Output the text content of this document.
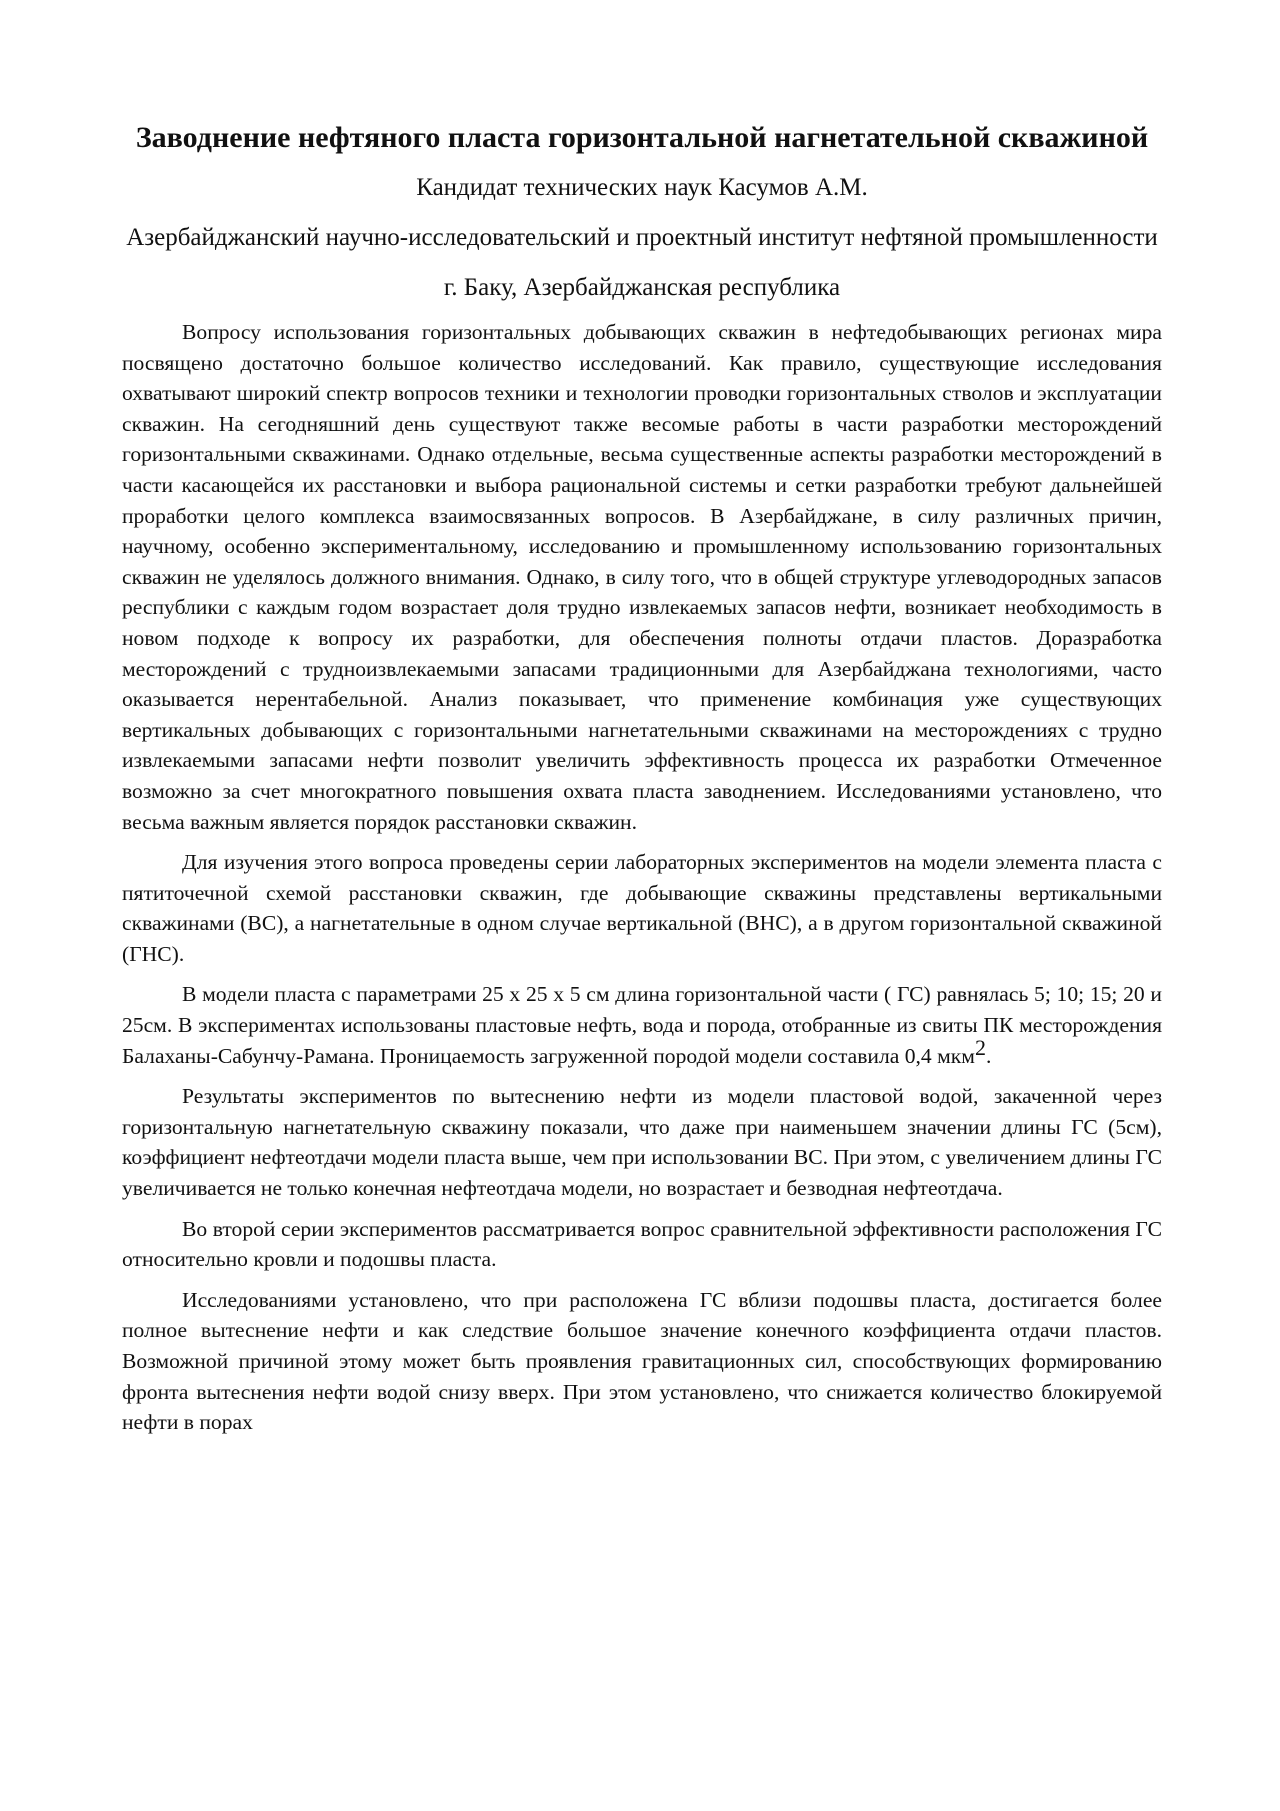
Заводнение нефтяного пласта горизонтальной нагнетательной скважиной

Кандидат технических наук Касумов А.М.

Азербайджанский научно-исследовательский и проектный институт нефтяной промышленности

г. Баку, Азербайджанская республика

Вопросу использования горизонтальных добывающих скважин в нефтедобывающих регионах мира посвящено достаточно большое количество исследований. Как правило, существующие исследования охватывают широкий спектр вопросов техники и технологии проводки горизонтальных стволов и эксплуатации скважин. На сегодняшний день существуют также весомые работы в части разработки месторождений горизонтальными скважинами. Однако отдельные, весьма существенные аспекты разработки месторождений в части касающейся их расстановки и выбора рациональной системы и сетки разработки требуют дальнейшей проработки целого комплекса взаимосвязанных вопросов. В Азербайджане, в силу различных причин, научному, особенно экспериментальному, исследованию и промышленному использованию горизонтальных скважин не уделялось должного внимания. Однако, в силу того, что в общей структуре углеводородных запасов республики с каждым годом возрастает доля трудно извлекаемых запасов нефти, возникает необходимость в новом подходе к вопросу их разработки, для обеспечения полноты отдачи пластов. Доразработка месторождений с трудноизвлекаемыми запасами традиционными для Азербайджана технологиями, часто оказывается нерентабельной. Анализ показывает, что применение комбинация уже существующих вертикальных добывающих с горизонтальными нагнетательными скважинами на месторождениях с трудно извлекаемыми запасами нефти позволит увеличить эффективность процесса их разработки Отмеченное возможно за счет многократного повышения охвата пласта заводнением. Исследованиями установлено, что весьма важным является порядок расстановки скважин.

Для изучения этого вопроса проведены серии лабораторных экспериментов на модели элемента пласта с пятиточечной схемой расстановки скважин, где добывающие скважины представлены вертикальными скважинами (ВС), а нагнетательные в одном случае вертикальной (ВНС), а в другом горизонтальной скважиной (ГНС).

В модели пласта с параметрами 25 х 25 х 5 см длина горизонтальной части ( ГС) равнялась 5; 10; 15; 20 и 25см. В экспериментах использованы пластовые нефть, вода и порода, отобранные из свиты ПК месторождения Балаханы-Сабунчу-Рамана. Проницаемость загруженной породой модели составила 0,4 мкм$^2$.

Результаты экспериментов по вытеснению нефти из модели пластовой водой, закаченной через горизонтальную нагнетательную скважину показали, что даже при наименьшем значении длины ГС (5см), коэффициент нефтеотдачи модели пласта выше, чем при использовании ВС. При этом, с увеличением длины ГС увеличивается не только конечная нефтеотдача модели, но возрастает и безводная нефтеотдача.

Во второй серии экспериментов рассматривается вопрос сравнительной эффективности расположения ГС относительно кровли и подошвы пласта.

Исследованиями установлено, что при расположена ГС вблизи подошвы пласта, достигается более полное вытеснение нефти и как следствие большое значение конечного коэффициента отдачи пластов. Возможной причиной этому может быть проявления гравитационных сил, способствующих формированию фронта вытеснения нефти водой снизу вверх. При этом установлено, что снижается количество блокируемой нефти в порах
